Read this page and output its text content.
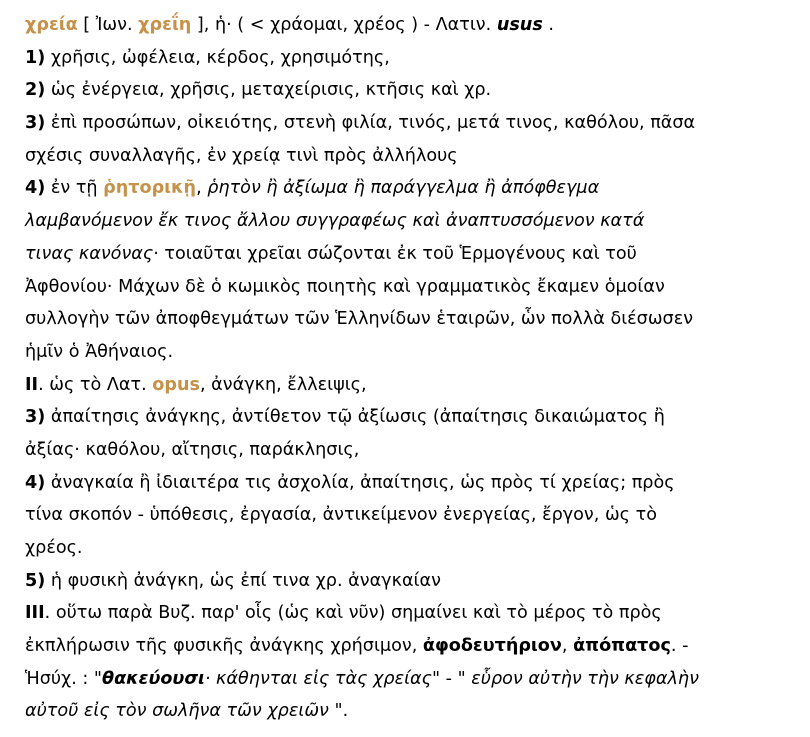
χρεία [ Ἰων. χρεΐη ], ἡ· ( < χράομαι, χρέος ) - Λατιν. usus .
1) χρῆσις, ὠφέλεια, κέρδος, χρησιμότης,
2) ὡς ἐνέργεια, χρῆσις, μεταχείρισις, κτῆσις καὶ χρ.
3) ἐπὶ προσώπων, οἰκειότης, στενὴ φιλία, τινός, μετά τινος, καθόλου, πᾶσα
σχέσις συναλλαγῆς, ἐν χρείᾳ τινὶ πρὸς ἀλλήλους
4) ἐν τῇ ῥητορικῇ, ῥητὸν ἢ ἀξίωμα ἢ παράγγελμα ἢ ἀπόφθεγμα
λαμβανόμενον ἔκ τινος ἄλλου συγγραφέως καὶ ἀναπτυσσόμενον κατά
τινας κανόνας· τοιαῦται χρεῖαι σώζονται ἐκ τοῦ Ἑρμογένους καὶ τοῦ
Ἀφθονίου· Μάχων δὲ ὁ κωμικὸς ποιητὴς καὶ γραμματικὸς ἔκαμεν ὁμοίαν
συλλογὴν τῶν ἀποφθεγμάτων τῶν Ἑλληνίδων ἑταιρῶν, ὧν πολλὰ διέσωσεν
ἡμῖν ὁ Ἀθήναιος.
II. ὡς τὸ Λατ. opus, ἀνάγκη, ἔλλειψις,
3) ἀπαίτησις ἀνάγκης, ἀντίθετον τῷ ἀξίωσις (ἀπαίτησις δικαιώματος ἢ
ἀξίας· καθόλου, αἴτησις, παράκλησις,
4) ἀναγκαία ἢ ἰδιαιτέρα τις ἀσχολία, ἀπαίτησις, ὡς πρὸς τί χρείας; πρὸς
τίνα σκοπόν - ὑπόθεσις, ἐργασία, ἀντικείμενον ἐνεργείας, ἔργον, ὡς τὸ
χρέος.
5) ἡ φυσικὴ ἀνάγκη, ὡς ἐπί τινα χρ. ἀναγκαίαν
III. οὕτω παρὰ Βυζ. παρ' οἷς (ὡς καὶ νῦν) σημαίνει καὶ τὸ μέρος τὸ πρὸς
ἐκπλήρωσιν τῆς φυσικῆς ἀνάγκης χρήσιμον, ἀφοδευτήριον, ἀπόπατος. -
Ἡσύχ. : "θακεύουσι· κάθηνται εἰς τὰς χρείας" - " εὗρον αὐτὴν τὴν κεφαλὴν
αὐτοῦ εἰς τὸν σωλῆνα τῶν χρειῶν ".
